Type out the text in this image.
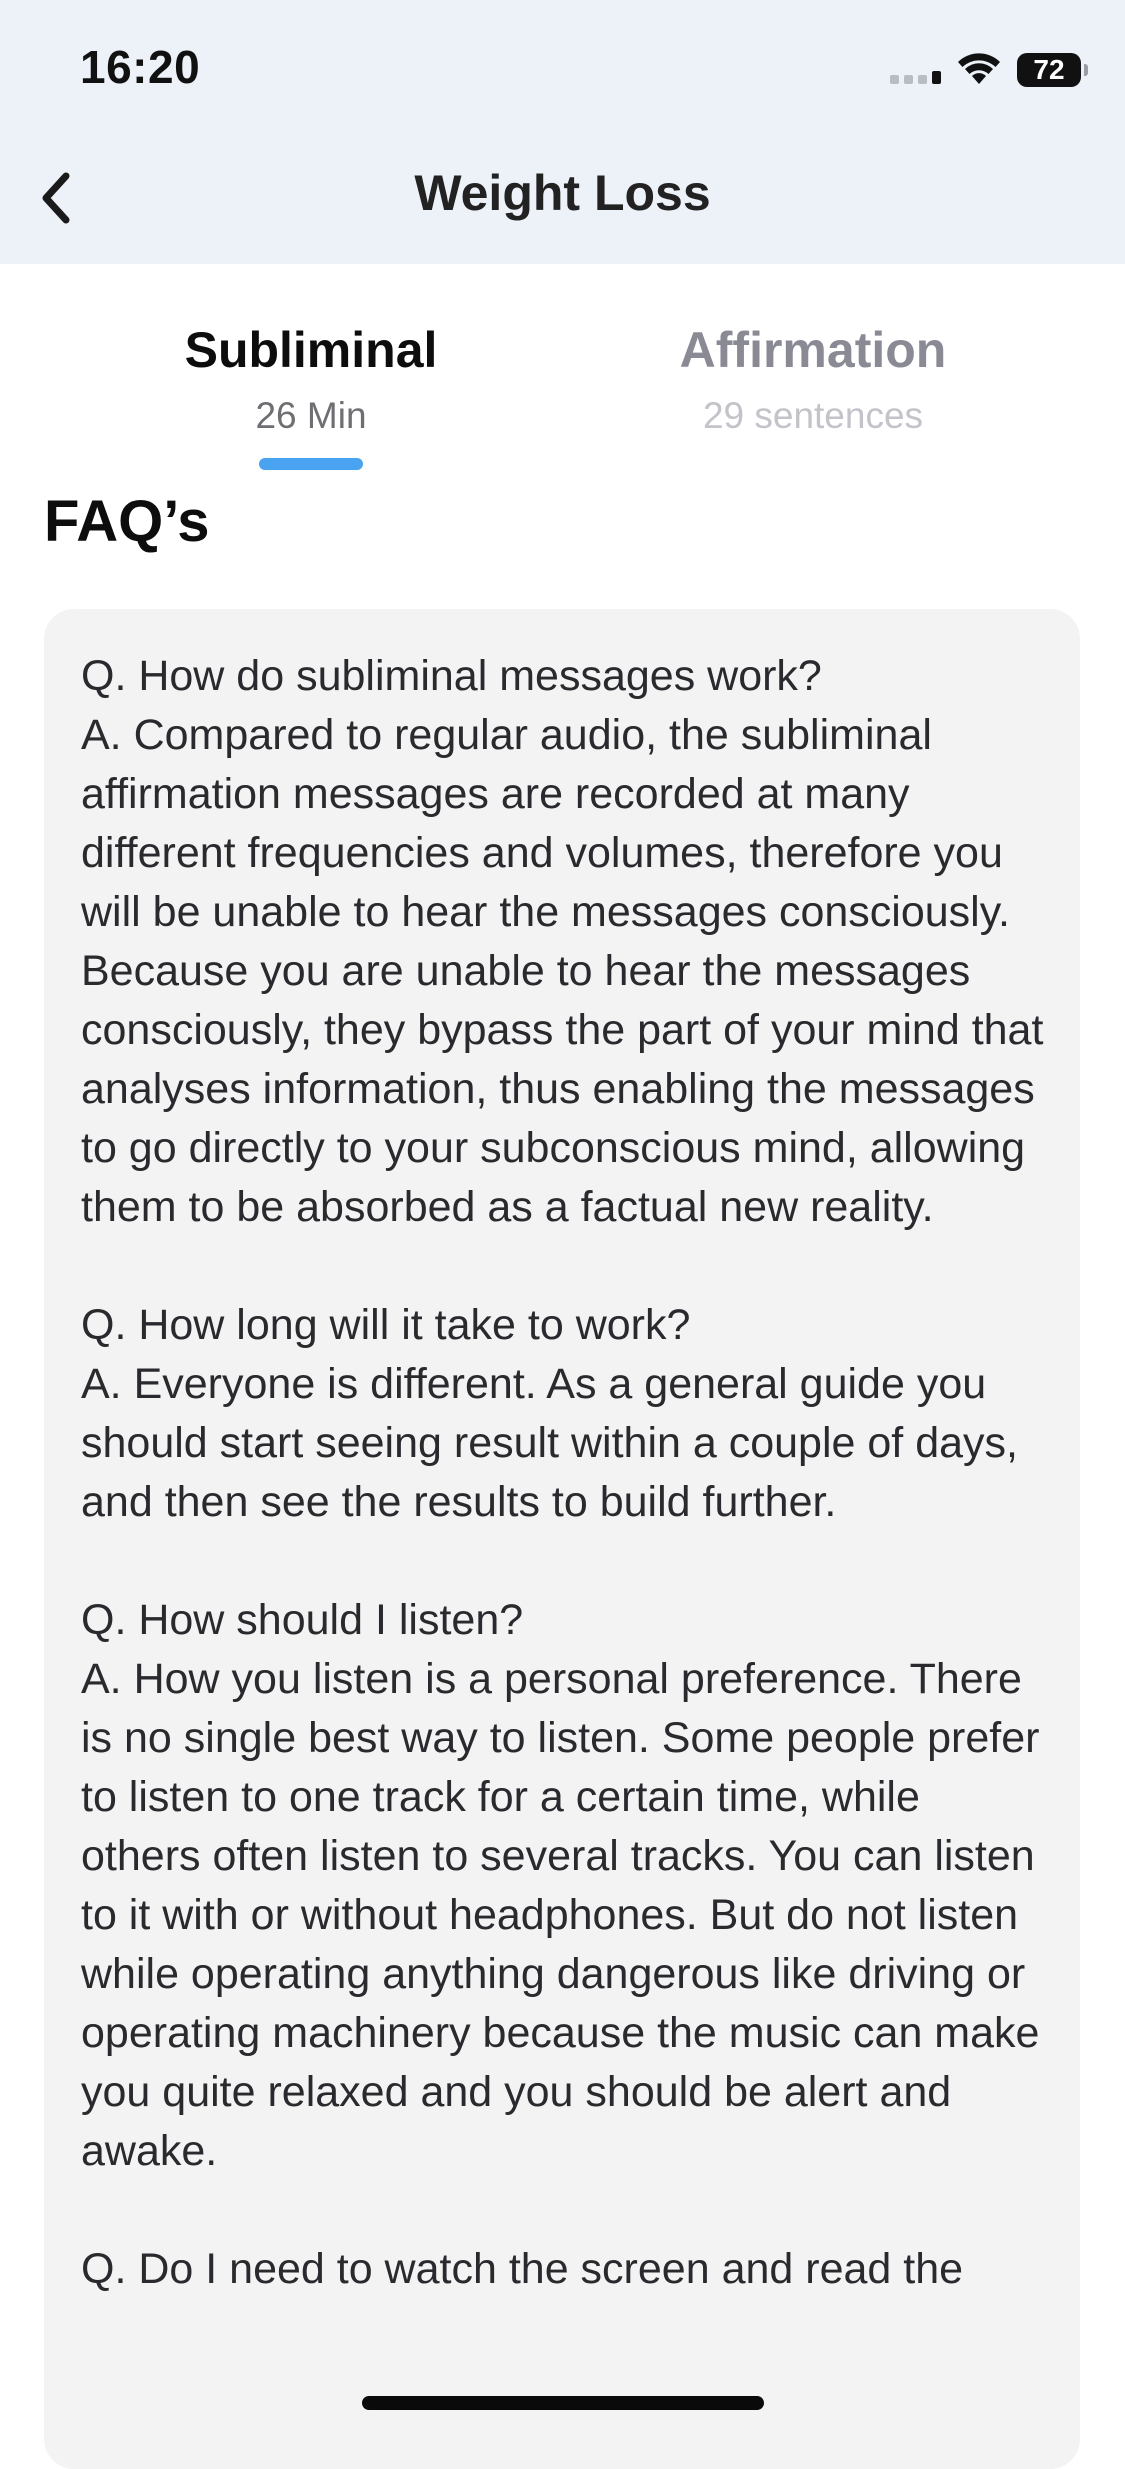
16:20	72
Weight Loss
Subliminal
26 Min
Affirmation
29 sentences
FAQ’s
Q. How do subliminal messages work?
A. Compared to regular audio, the subliminal affirmation messages are recorded at many different frequencies and volumes, therefore you will be unable to hear the messages consciously. Because you are unable to hear the messages consciously, they bypass the part of your mind that analyses information, thus enabling the messages to go directly to your subconscious mind, allowing them to be absorbed as a factual new reality.
Q. How long will it take to work?
A. Everyone is different. As a general guide you should start seeing result within a couple of days, and then see the results to build further.
Q. How should I listen?
A. How you listen is a personal preference. There is no single best way to listen. Some people prefer to listen to one track for a certain time, while others often listen to several tracks. You can listen to it with or without headphones. But do not listen while operating anything dangerous like driving or operating machinery because the music can make you quite relaxed and you should be alert and awake.
Q. Do I need to watch the screen and read the
